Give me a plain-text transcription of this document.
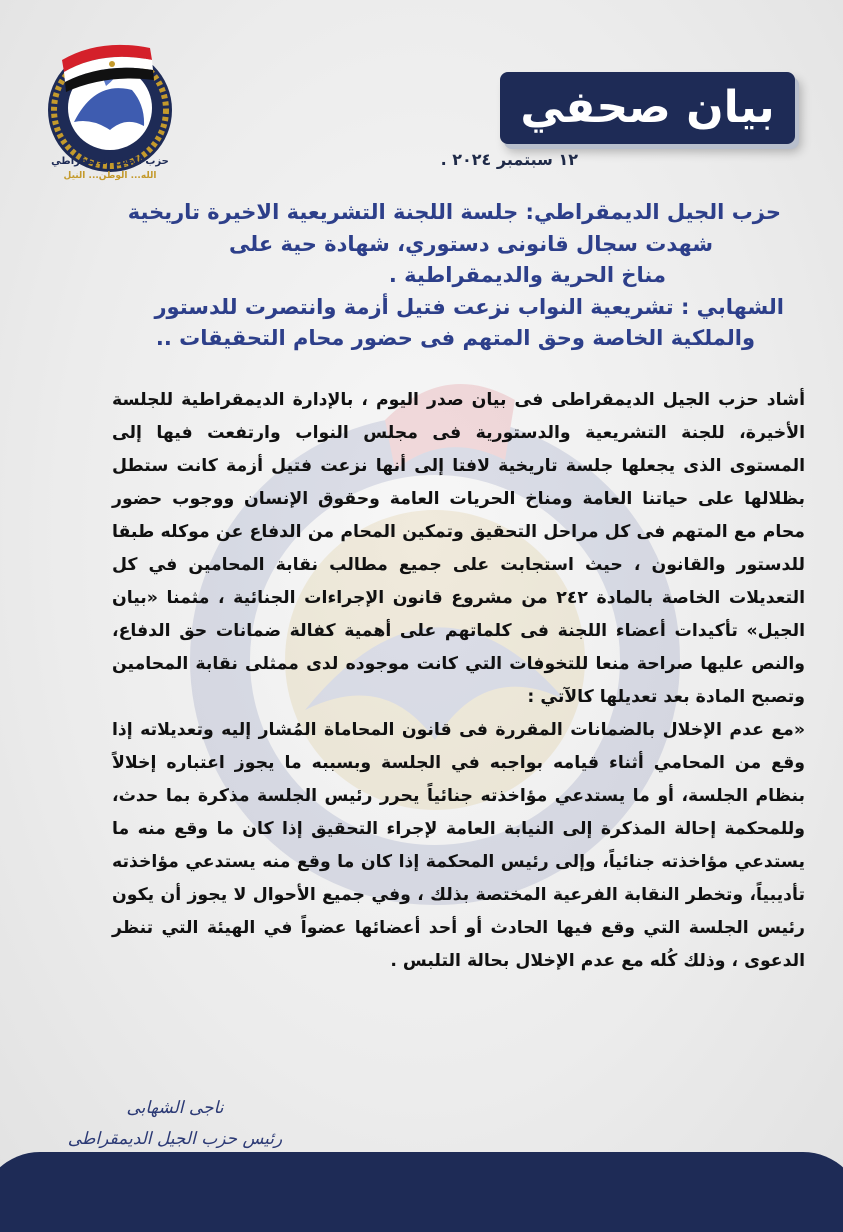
حزب الجيل الديمقراطي
الله... الوطن... النيل
بيان صحفي
١٢ سبتمبر ٢٠٢٤ .

حزب الجيل الديمقراطي: جلسة اللجنة التشريعية الاخيرة تاريخية

شهدت سجال قانونى دستوري، شهادة حية على

مناخ الحرية والديمقراطية .

الشهابي : تشريعية النواب نزعت فتيل أزمة وانتصرت للدستور

والملكية الخاصة وحق المتهم فى حضور محام التحقيقات ..

أشاد حزب الجيل الديمقراطى فى بيان صدر اليوم ، بالإدارة الديمقراطية للجلسة الأخيرة، للجنة التشريعية والدستورية فى مجلس النواب وارتفعت فيها إلى المستوى الذى يجعلها جلسة تاريخية لافتا إلى أنها نزعت فتيل أزمة كانت ستطل بظلالها على حياتنا العامة ومناخ الحريات العامة وحقوق الإنسان ووجوب حضور محام مع المتهم فى كل مراحل التحقيق وتمكين المحام من الدفاع عن موكله طبقا للدستور والقانون ، حيث استجابت على جميع مطالب نقابة المحامين في كل التعديلات الخاصة بالمادة ٢٤٢ من مشروع قانون الإجراءات الجنائية ، مثمنا «بيان الجيل» تأكيدات أعضاء اللجنة فى كلماتهم على أهمية كفالة ضمانات حق الدفاع، والنص عليها صراحة منعا للتخوفات التي كانت موجوده لدى ممثلى نقابة المحامين وتصبح المادة بعد تعديلها كالآتي :

«مع عدم الإخلال بالضمانات المقررة فى قانون المحاماة المُشار إليه وتعديلاته إذا وقع من المحامي أثناء قيامه بواجبه في الجلسة وبسببه ما يجوز اعتباره إخلالاً بنظام الجلسة، أو ما يستدعي مؤاخذته جنائياً يحرر رئيس الجلسة مذكرة بما حدث، وللمحكمة إحالة المذكرة إلى النيابة العامة لإجراء التحقيق إذا كان ما وقع منه ما يستدعي مؤاخذته جنائياً، وإلى رئيس المحكمة إذا كان ما وقع منه يستدعي مؤاخذته تأديبياً، وتخطر النقابة الفرعية المختصة بذلك ، وفي جميع الأحوال لا يجوز أن يكون رئيس الجلسة التي وقع فيها الحادث أو أحد أعضائها عضواً في الهيئة التي تنظر الدعوى ، وذلك كُله مع عدم الإخلال بحالة التلبس .

ناجى الشهابى
رئيس حزب الجيل الديمقراطى
